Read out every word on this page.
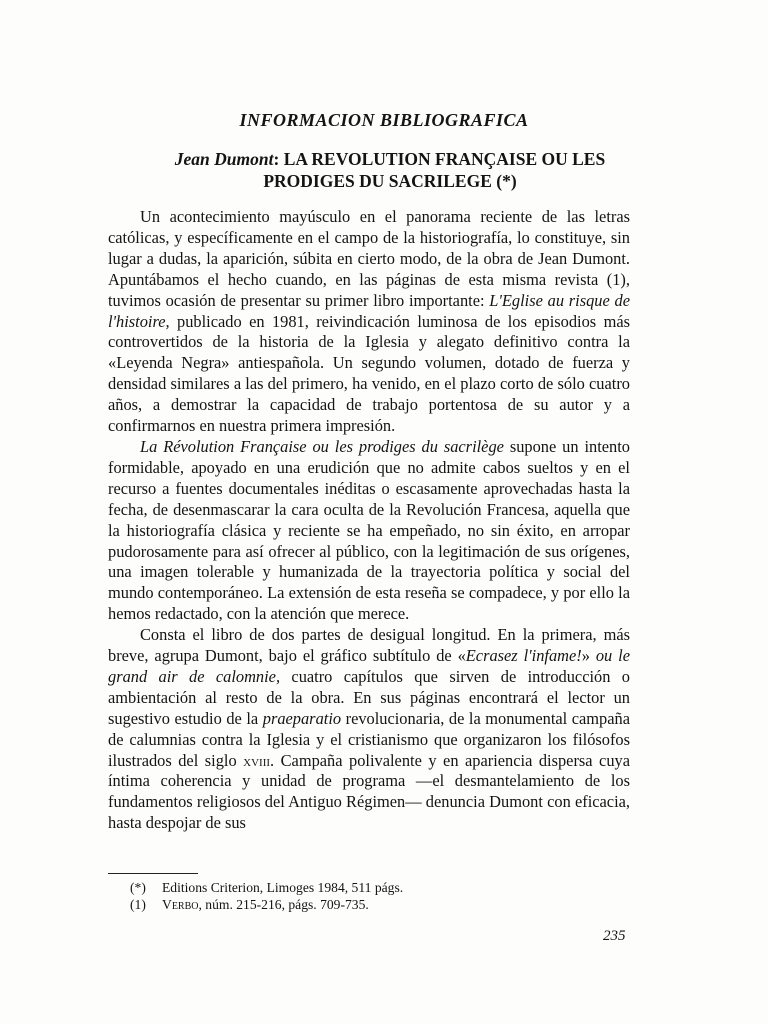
INFORMACION BIBLIOGRAFICA
Jean Dumont: LA REVOLUTION FRANÇAISE OU LES
PRODIGES DU SACRILEGE (*)

Un acontecimiento mayúsculo en el panorama reciente de las letras católicas, y específicamente en el campo de la historiografía, lo constituye, sin lugar a dudas, la aparición, súbita en cierto modo, de la obra de Jean Dumont. Apuntábamos el hecho cuando, en las páginas de esta misma revista (1), tuvimos ocasión de presentar su primer libro importante: L'Eglise au risque de l'histoire, publicado en 1981, reivindicación luminosa de los episodios más controvertidos de la historia de la Iglesia y alegato definitivo contra la «Leyenda Negra» antiespañola. Un segundo volumen, dotado de fuerza y densidad similares a las del primero, ha venido, en el plazo corto de sólo cuatro años, a demostrar la capacidad de trabajo portentosa de su autor y a confirmarnos en nuestra primera impresión.

La Révolution Française ou les prodiges du sacrilège supone un intento formidable, apoyado en una erudición que no admite cabos sueltos y en el recurso a fuentes documentales inéditas o escasamente aprovechadas hasta la fecha, de desenmascarar la cara oculta de la Revolución Francesa, aquella que la historiografía clásica y reciente se ha empeñado, no sin éxito, en arropar pudorosamente para así ofrecer al público, con la legitimación de sus orígenes, una imagen tolerable y humanizada de la trayectoria política y social del mundo contemporáneo. La extensión de esta reseña se compadece, y por ello la hemos redactado, con la atención que merece.

Consta el libro de dos partes de desigual longitud. En la primera, más breve, agrupa Dumont, bajo el gráfico subtítulo de «Ecrasez l'infame!» ou le grand air de calomnie, cuatro capítulos que sirven de introducción o ambientación al resto de la obra. En sus páginas encontrará el lector un sugestivo estudio de la praeparatio revolucionaria, de la monumental campaña de calumnias contra la Iglesia y el cristianismo que organizaron los filósofos ilustrados del siglo xviii. Campaña polivalente y en apariencia dispersa cuya íntima coherencia y unidad de programa —el desmantelamiento de los fundamentos religiosos del Antiguo Régimen— denuncia Dumont con eficacia, hasta despojar de sus

(*) Editions Criterion, Limoges 1984, 511 págs.

(1) Verbo, núm. 215-216, págs. 709-735.

235
